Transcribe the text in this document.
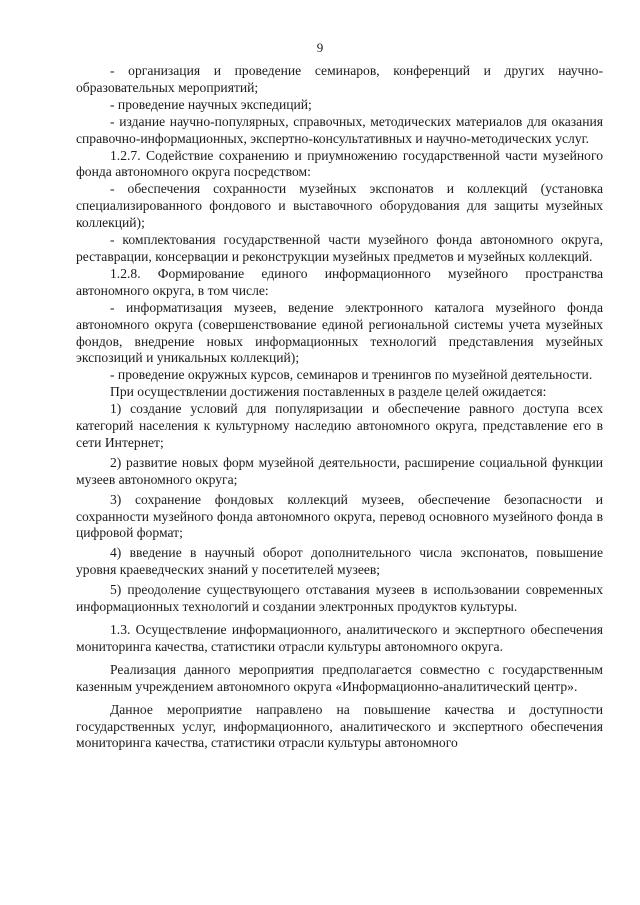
9

- организация и проведение семинаров, конференций и других научно-образовательных мероприятий;

- проведение научных экспедиций;

- издание научно-популярных, справочных, методических материалов для оказания справочно-информационных, экспертно-консультативных и научно-методических услуг.

1.2.7. Содействие сохранению и приумножению государственной части музейного фонда автономного округа посредством:

- обеспечения сохранности музейных экспонатов и коллекций (установка специализированного фондового и выставочного оборудования для защиты музейных коллекций);

- комплектования государственной части музейного фонда автономного округа, реставрации, консервации и реконструкции музейных предметов и музейных коллекций.

1.2.8. Формирование единого информационного музейного пространства автономного округа, в том числе:

- информатизация музеев, ведение электронного каталога музейного фонда автономного округа (совершенствование единой региональной системы учета музейных фондов, внедрение новых информационных технологий представления музейных экспозиций и уникальных коллекций);

- проведение окружных курсов, семинаров и тренингов по музейной деятельности.

При осуществлении достижения поставленных в разделе целей ожидается:

1) создание условий для популяризации и обеспечение равного доступа всех категорий населения к культурному наследию автономного округа, представление его в сети Интернет;

2) развитие новых форм музейной деятельности, расширение социальной функции музеев автономного округа;

3) сохранение фондовых коллекций музеев, обеспечение безопасности и сохранности музейного фонда автономного округа, перевод основного музейного фонда в цифровой формат;

4) введение в научный оборот дополнительного числа экспонатов, повышение уровня краеведческих знаний у посетителей музеев;

5) преодоление существующего отставания музеев в использовании современных информационных технологий и создании электронных продуктов культуры.

1.3. Осуществление информационного, аналитического и экспертного обеспечения мониторинга качества, статистики отрасли культуры автономного округа.

Реализация данного мероприятия предполагается совместно с государственным казенным учреждением автономного округа «Информационно-аналитический центр».

Данное мероприятие направлено на повышение качества и доступности государственных услуг, информационного, аналитического и экспертного обеспечения мониторинга качества, статистики отрасли культуры автономного
